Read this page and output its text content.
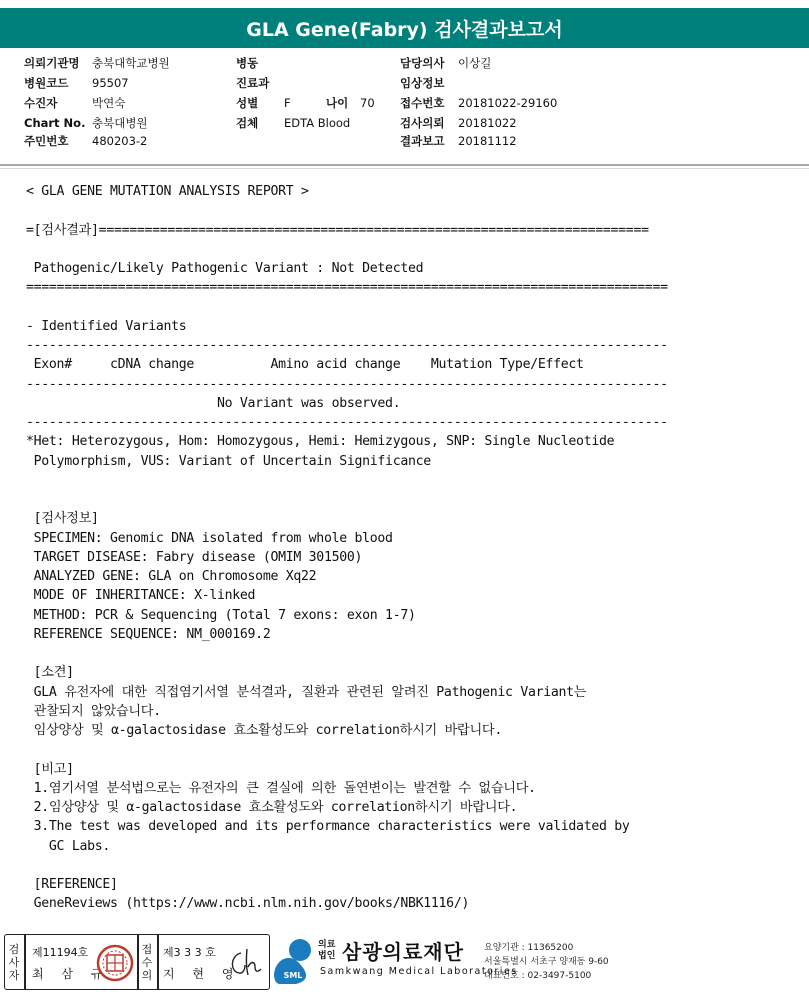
GLA Gene(Fabry) 검사결과보고서
의뢰기관명 충북대학교병원
병원코드 95507
수진자	박연숙
Chart No. 충북대병원
주민번호 480203-2
병동
진료과
성별 F	나이 70
검체 EDTA Blood
담당의사 이상길
임상정보
접수번호 20181022-29160
검사의뢰 20181022
결과보고 20181112
< GLA GENE MUTATION ANALYSIS REPORT >
=[검사결과]========================================================================
Pathogenic/Likely Pathogenic Variant : Not Detected
====================================================================================
- Identified Variants
------------------------------------------------------------------------------------
Exon#     cDNA change          Amino acid change    Mutation Type/Effect
------------------------------------------------------------------------------------
No Variant was observed.
------------------------------------------------------------------------------------
*Het: Heterozygous, Hom: Homozygous, Hemi: Hemizygous, SNP: Single Nucleotide
Polymorphism, VUS: Variant of Uncertain Significance
[검사정보]
SPECIMEN: Genomic DNA isolated from whole blood
TARGET DISEASE: Fabry disease (OMIM 301500)
ANALYZED GENE: GLA on Chromosome Xq22
MODE OF INHERITANCE: X-linked
METHOD: PCR & Sequencing (Total 7 exons: exon 1-7)
REFERENCE SEQUENCE: NM_000169.2
[소견]
GLA 유전자에 대한 직접염기서열 분석결과, 질환과 관련된 알려진 Pathogenic Variant는
관찰되지 않았습니다.
임상양상 및 α-galactosidase 효소활성도와 correlation하시기 바랍니다.
[비고]
1.염기서열 분석법으로는 유전자의 큰 결실에 의한 돌연변이는 발견할 수 없습니다.
2.임상양상 및 α-galactosidase 효소활성도와 correlation하시기 바랍니다.
3.The test was developed and its performance characteristics were validated by
GC Labs.
[REFERENCE]
GeneReviews (https://www.ncbi.nlm.nih.gov/books/NBK1116/)
검
사
자
제11194호
최 삼 규
접
수
의
제3 3 3 호
지 현 영	SML
의료
법인 삼광의료재단
Samkwang Medical Laboratories
요양기관 : 11365200
서울특별시 서초구 양재동 9-60
대표번호 : 02-3497-5100
